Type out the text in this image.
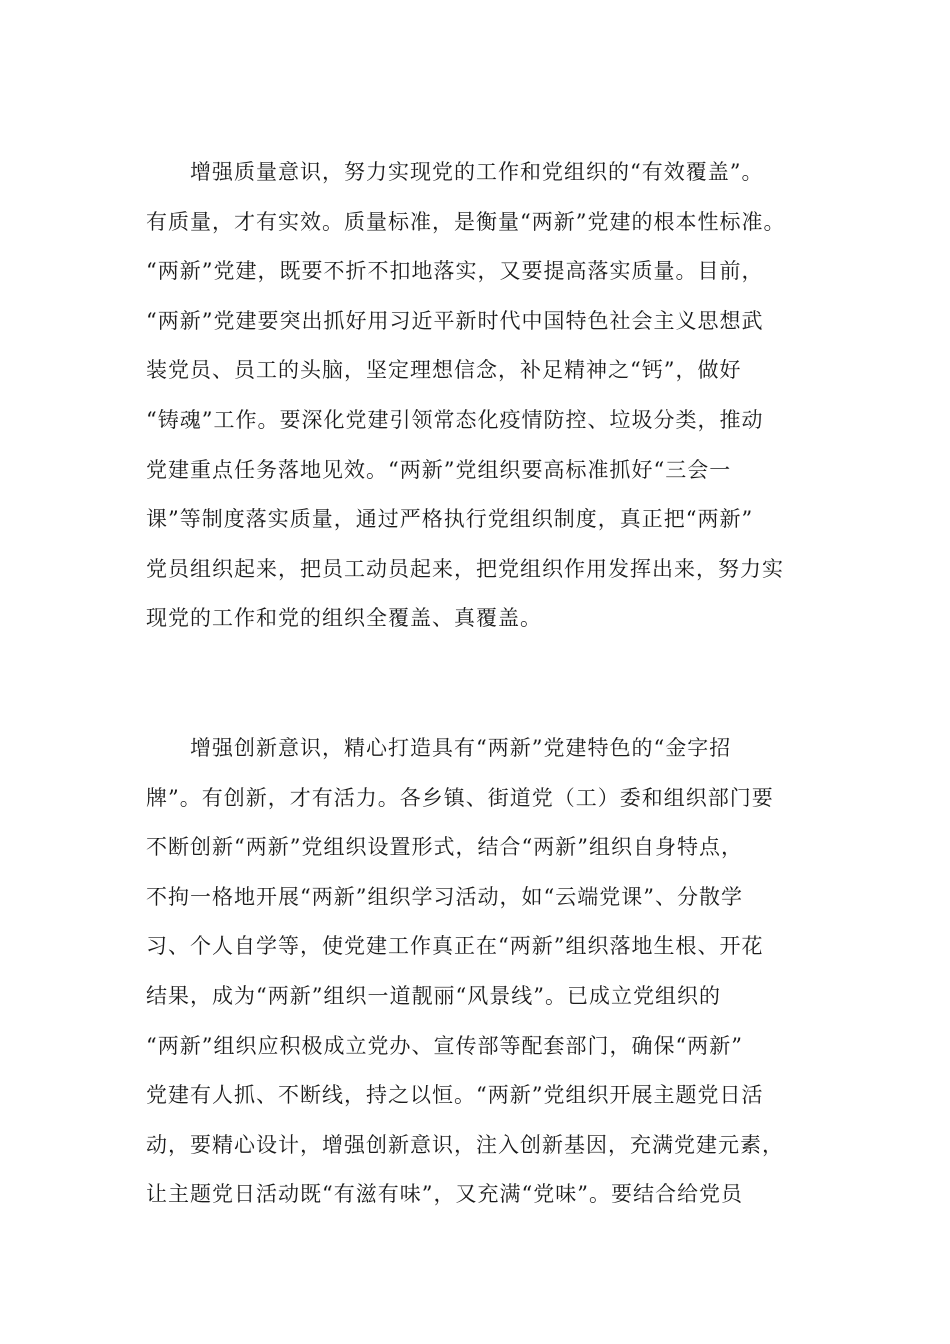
增强质量意识，努力实现党的工作和党组织的“有效覆盖”。
有质量，才有实效。质量标准，是衡量“两新”党建的根本性标准。
“两新”党建，既要不折不扣地落实，又要提高落实质量。目前，
“两新”党建要突出抓好用习近平新时代中国特色社会主义思想武
装党员、员工的头脑，坚定理想信念，补足精神之“钙”，做好
“铸魂”工作。要深化党建引领常态化疫情防控、垃圾分类，推动
党建重点任务落地见效。“两新”党组织要高标准抓好“三会一
课”等制度落实质量，通过严格执行党组织制度，真正把“两新”
党员组织起来，把员工动员起来，把党组织作用发挥出来，努力实
现党的工作和党的组织全覆盖、真覆盖。
增强创新意识，精心打造具有“两新”党建特色的“金字招
牌”。有创新，才有活力。各乡镇、街道党（工）委和组织部门要
不断创新“两新”党组织设置形式，结合“两新”组织自身特点，
不拘一格地开展“两新”组织学习活动，如“云端党课”、分散学
习、个人自学等，使党建工作真正在“两新”组织落地生根、开花
结果，成为“两新”组织一道靓丽“风景线”。已成立党组织的
“两新”组织应积极成立党办、宣传部等配套部门，确保“两新”
党建有人抓、不断线，持之以恒。“两新”党组织开展主题党日活
动，要精心设计，增强创新意识，注入创新基因，充满党建元素，
让主题党日活动既“有滋有味”，又充满“党味”。要结合给党员
